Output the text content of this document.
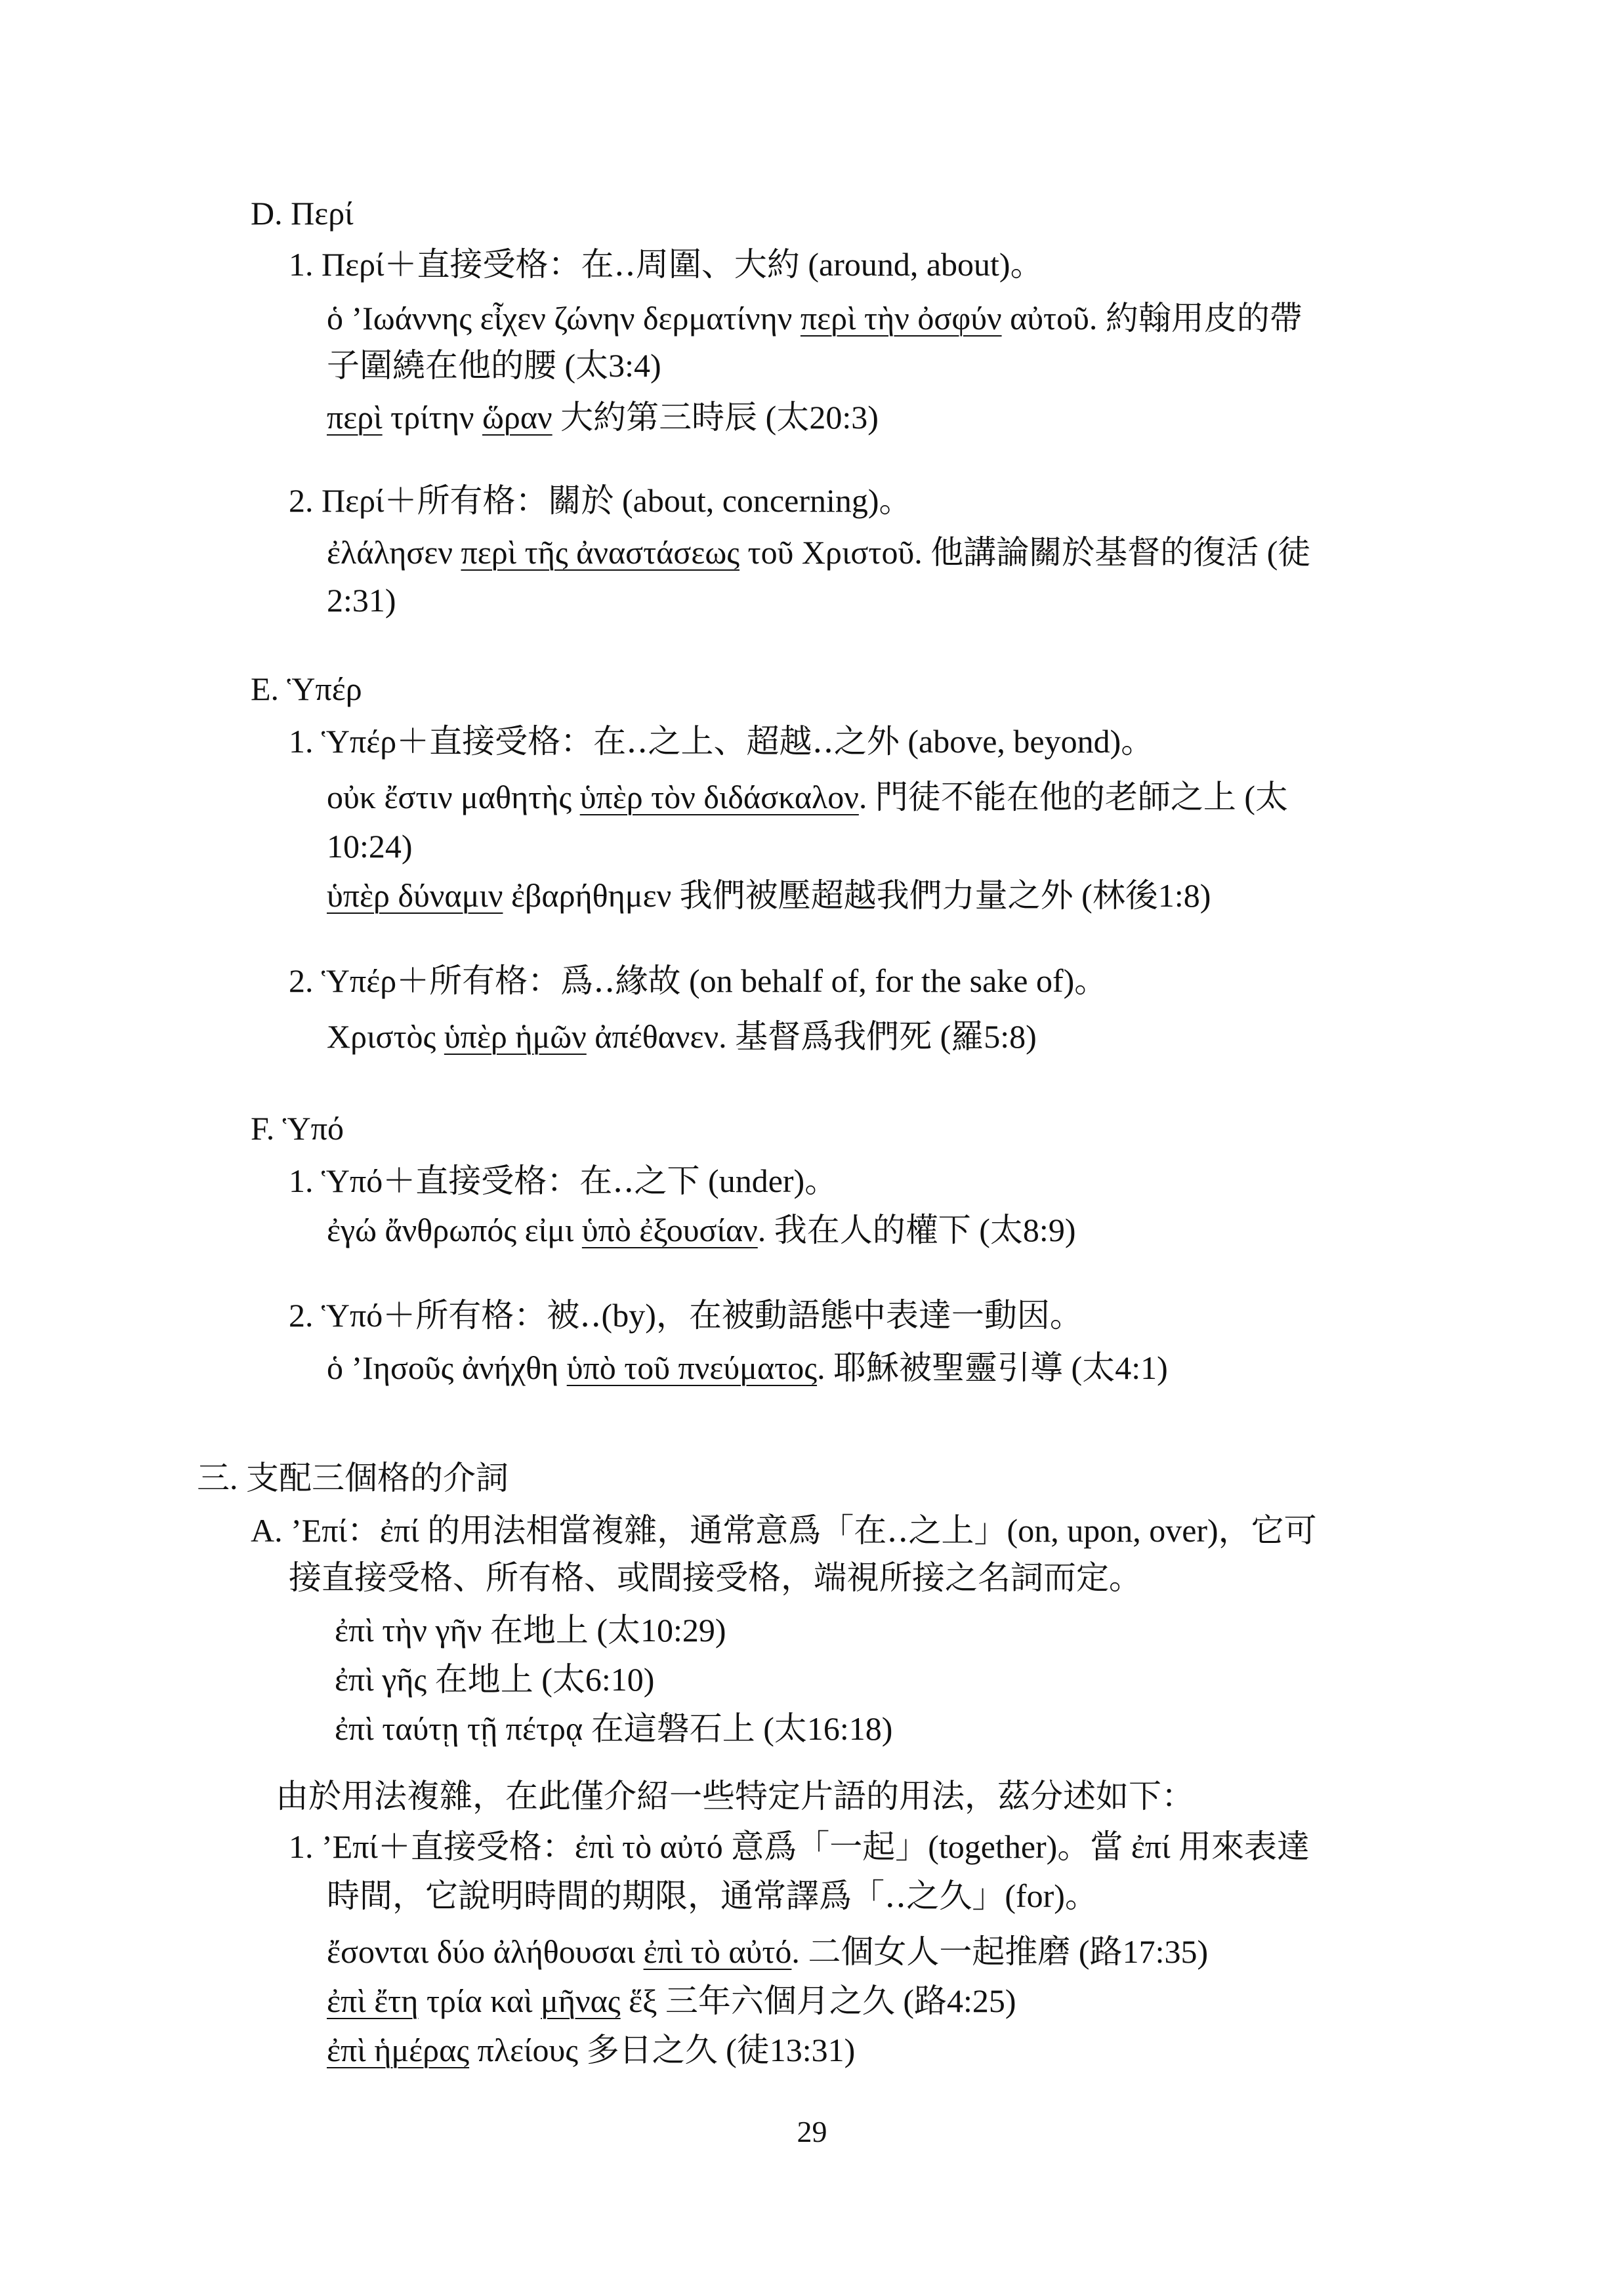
D. Περί
1. Περί＋直接受格：在‥周圍、大約 (around, about)。
ὁ ’Ιωάννης εἶχεν ζώνην δερματίνην περὶ τὴν ὀσφύν αὐτοῦ. 約翰用皮的帶
子圍繞在他的腰 (太3:4)
περὶ τρίτην ὥραν 大約第三時辰 (太20:3)
2. Περί＋所有格：關於 (about, concerning)。
ἐλάλησεν περὶ τῆς ἀναστάσεως τοῦ Χριστοῦ. 他講論關於基督的復活 (徒
2:31)
E. Ὑπέρ
1. Ὑπέρ＋直接受格：在‥之上、超越‥之外 (above, beyond)。
οὐκ ἔστιν μαθητὴς ὑπὲρ τὸν διδάσκαλον. 門徒不能在他的老師之上 (太
10:24)
ὑπὲρ δύναμιν ἐβαρήθημεν 我們被壓超越我們力量之外 (林後1:8)
2. Ὑπέρ＋所有格：爲‥緣故 (on behalf of, for the sake of)。
Χριστὸς ὑπὲρ ἡμῶν ἀπέθανεν. 基督爲我們死 (羅5:8)
F. Ὑπό
1. Ὑπό＋直接受格：在‥之下 (under)。
ἐγώ ἄνθρωπός εἰμι ὑπὸ ἐξουσίαν. 我在人的權下 (太8:9)
2. Ὑπό＋所有格：被‥(by)，在被動語態中表達一動因。
ὁ ’Ιησοῦς ἀνήχθη ὑπὸ τοῦ πνεύματος. 耶穌被聖靈引導 (太4:1)
三. 支配三個格的介詞
A. ’Επί：ἐπί 的用法相當複雜，通常意爲「在‥之上」(on, upon, over)，它可
接直接受格、所有格、或間接受格，端視所接之名詞而定。
ἐπὶ τὴν γῆν 在地上 (太10:29)
ἐπὶ γῆς 在地上 (太6:10)
ἐπὶ ταύτῃ τῇ πέτρᾳ 在這磐石上 (太16:18)
由於用法複雜，在此僅介紹一些特定片語的用法，茲分述如下：
1. ’Επί＋直接受格：ἐπὶ τὸ αὐτό 意爲「一起」(together)。當 ἐπί 用來表達
時間，它說明時間的期限，通常譯爲「‥之久」(for)。
ἔσονται δύο ἀλήθουσαι ἐπὶ τὸ αὐτό. 二個女人一起推磨 (路17:35)
ἐπὶ ἔτη τρία καὶ μῆνας ἕξ 三年六個月之久 (路4:25)
ἐπὶ ἡμέρας πλείους 多日之久 (徒13:31)
29
